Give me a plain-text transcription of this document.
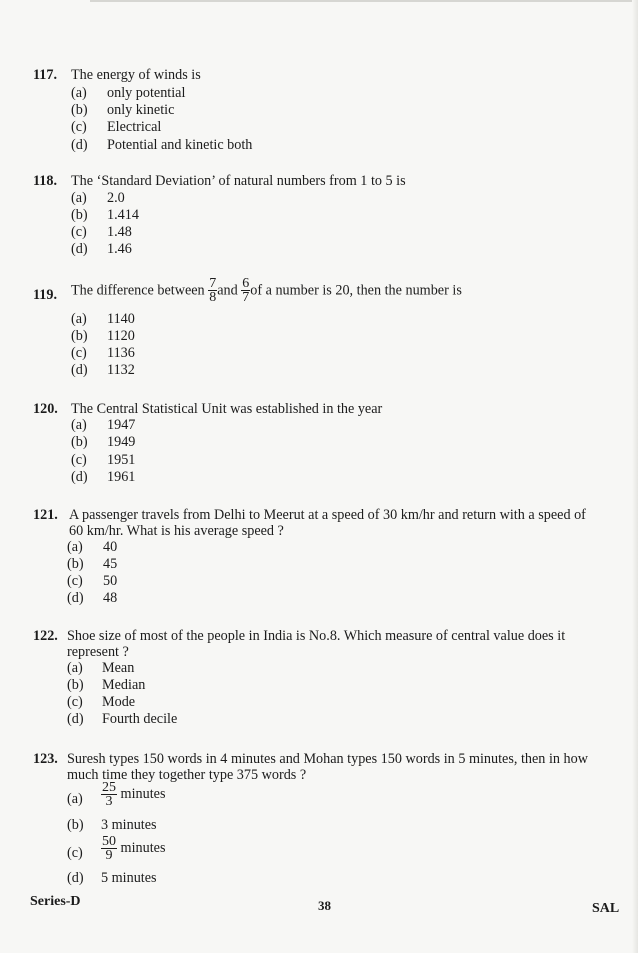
117. The energy of winds is
(a) only potential
(b) only kinetic
(c) Electrical
(d) Potential and kinetic both
118. The ‘Standard Deviation’ of natural numbers from 1 to 5 is
(a) 2.0
(b) 1.414
(c) 1.48
(d) 1.46
119. The difference between $\frac{7}{8}$ and $\frac{6}{7}$ of a number is 20, then the number is
(a) 1140
(b) 1120
(c) 1136
(d) 1132
120. The Central Statistical Unit was established in the year
(a) 1947
(b) 1949
(c) 1951
(d) 1961
121. A passenger travels from Delhi to Meerut at a speed of 30 km/hr and return with a speed of
60 km/hr. What is his average speed ?
(a) 40
(b) 45
(c) 50
(d) 48
122. Shoe size of most of the people in India is No.8. Which measure of central value does it
represent ?
(a) Mean
(b) Median
(c) Mode
(d) Fourth decile
123. Suresh types 150 words in 4 minutes and Mohan types 150 words in 5 minutes, then in how
much time they together type 375 words ?
$(a) \frac{25}{3}$ minutes
(b) 3 minutes
$(c) \frac{50}{9}$ minutes
(d) 5 minutes
Series-D	38	SAL
